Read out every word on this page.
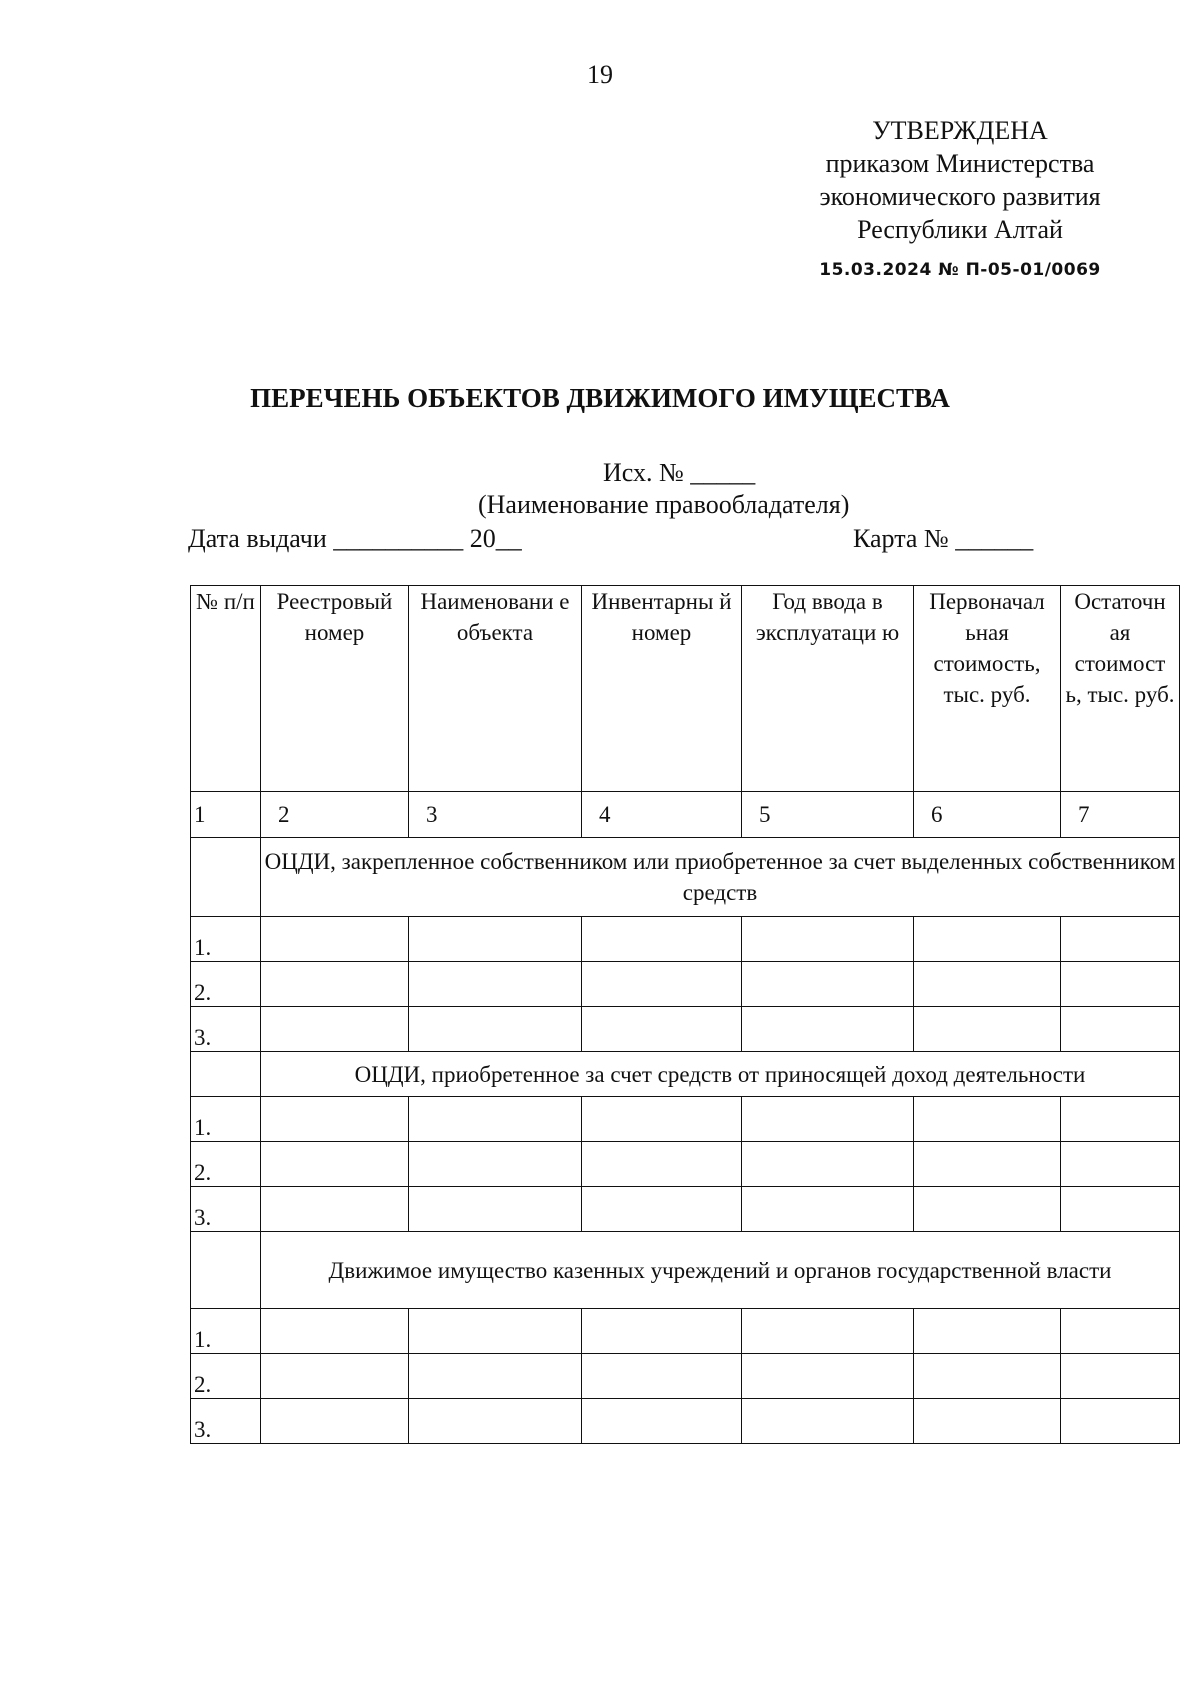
19
УТВЕРЖДЕНА
приказом Министерства
экономического развития
Республики Алтай
15.03.2024 № П-05-01/0069
ПЕРЕЧЕНЬ ОБЪЕКТОВ ДВИЖИМОГО ИМУЩЕСТВА
Исх. № _____
(Наименование правообладателя)
Дата выдачи __________ 20__	Карта № ______
№ п/п	Реестровый номер	Наименовани е объекта	Инвентарны й номер	Год ввода в эксплуатаци ю	Первоначал ьная стоимость, тыс. руб.	Остаточн ая стоимост ь, тыс. руб.
1	2	3	4	5	6	7
	ОЦДИ, закрепленное собственником или приобретенное за счет выделенных собственником средств					
1.						
2.						
3.						
	ОЦДИ, приобретенное за счет средств от приносящей доход деятельности					
1.						
2.						
3.						
	Движимое имущество казенных учреждений и органов государственной власти					
1.						
2.						
3.						
